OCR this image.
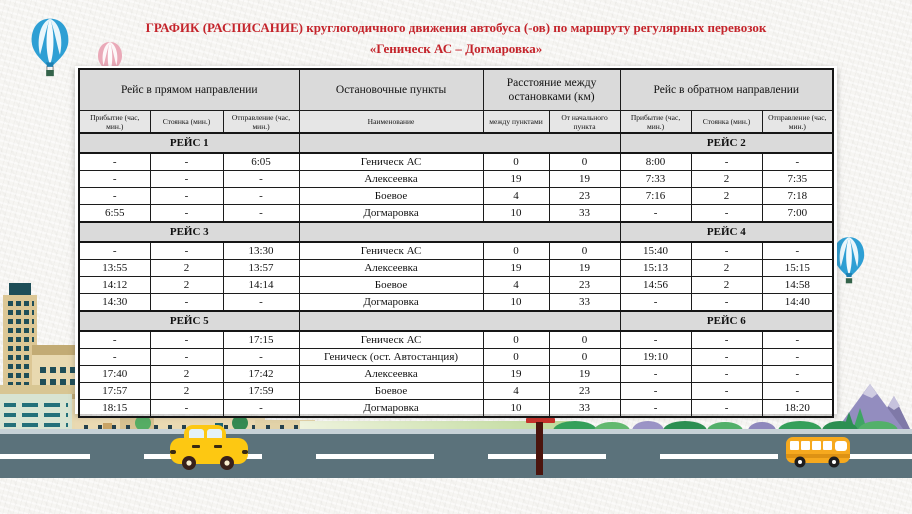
ГРАФИК (РАСПИСАНИЕ) круглогодичного движения автобуса (-ов) по маршруту регулярных перевозок
«Геническ АС – Догмаровка»
Рейс в прямом направлении			Остановочные пункты	Расстояние между остановками (км)		Рейс в обратном направлении		
Прибытие (час, мин.)	Стоянка (мин.)	Отправление (час, мин.)	Наименование	между пунктами	От начального пункта	Прибытие (час, мин.)	Стоянка (мин.)	Отправление (час, мин.)
РЕЙС 1						РЕЙС 2		
-	-	6:05	Геническ АС	0	0	8:00	-	-
-	-	-	Алексеевка	19	19	7:33	2	7:35
-	-	-	Боевое	4	23	7:16	2	7:18
6:55	-	-	Догмаровка	10	33	-	-	7:00
РЕЙС 3						РЕЙС 4		
-	-	13:30	Геническ АС	0	0	15:40	-	-
13:55	2	13:57	Алексеевка	19	19	15:13	2	15:15
14:12	2	14:14	Боевое	4	23	14:56	2	14:58
14:30	-	-	Догмаровка	10	33	-	-	14:40
РЕЙС 5						РЕЙС 6		
-	-	17:15	Геническ АС	0	0	-	-	-
-	-	-	Геническ (ост. Автостанция)	0	0	19:10	-	-
17:40	2	17:42	Алексеевка	19	19	-	-	-
17:57	2	17:59	Боевое	4	23	-	-	-
18:15	-	-	Догмаровка	10	33	-	-	18:20
